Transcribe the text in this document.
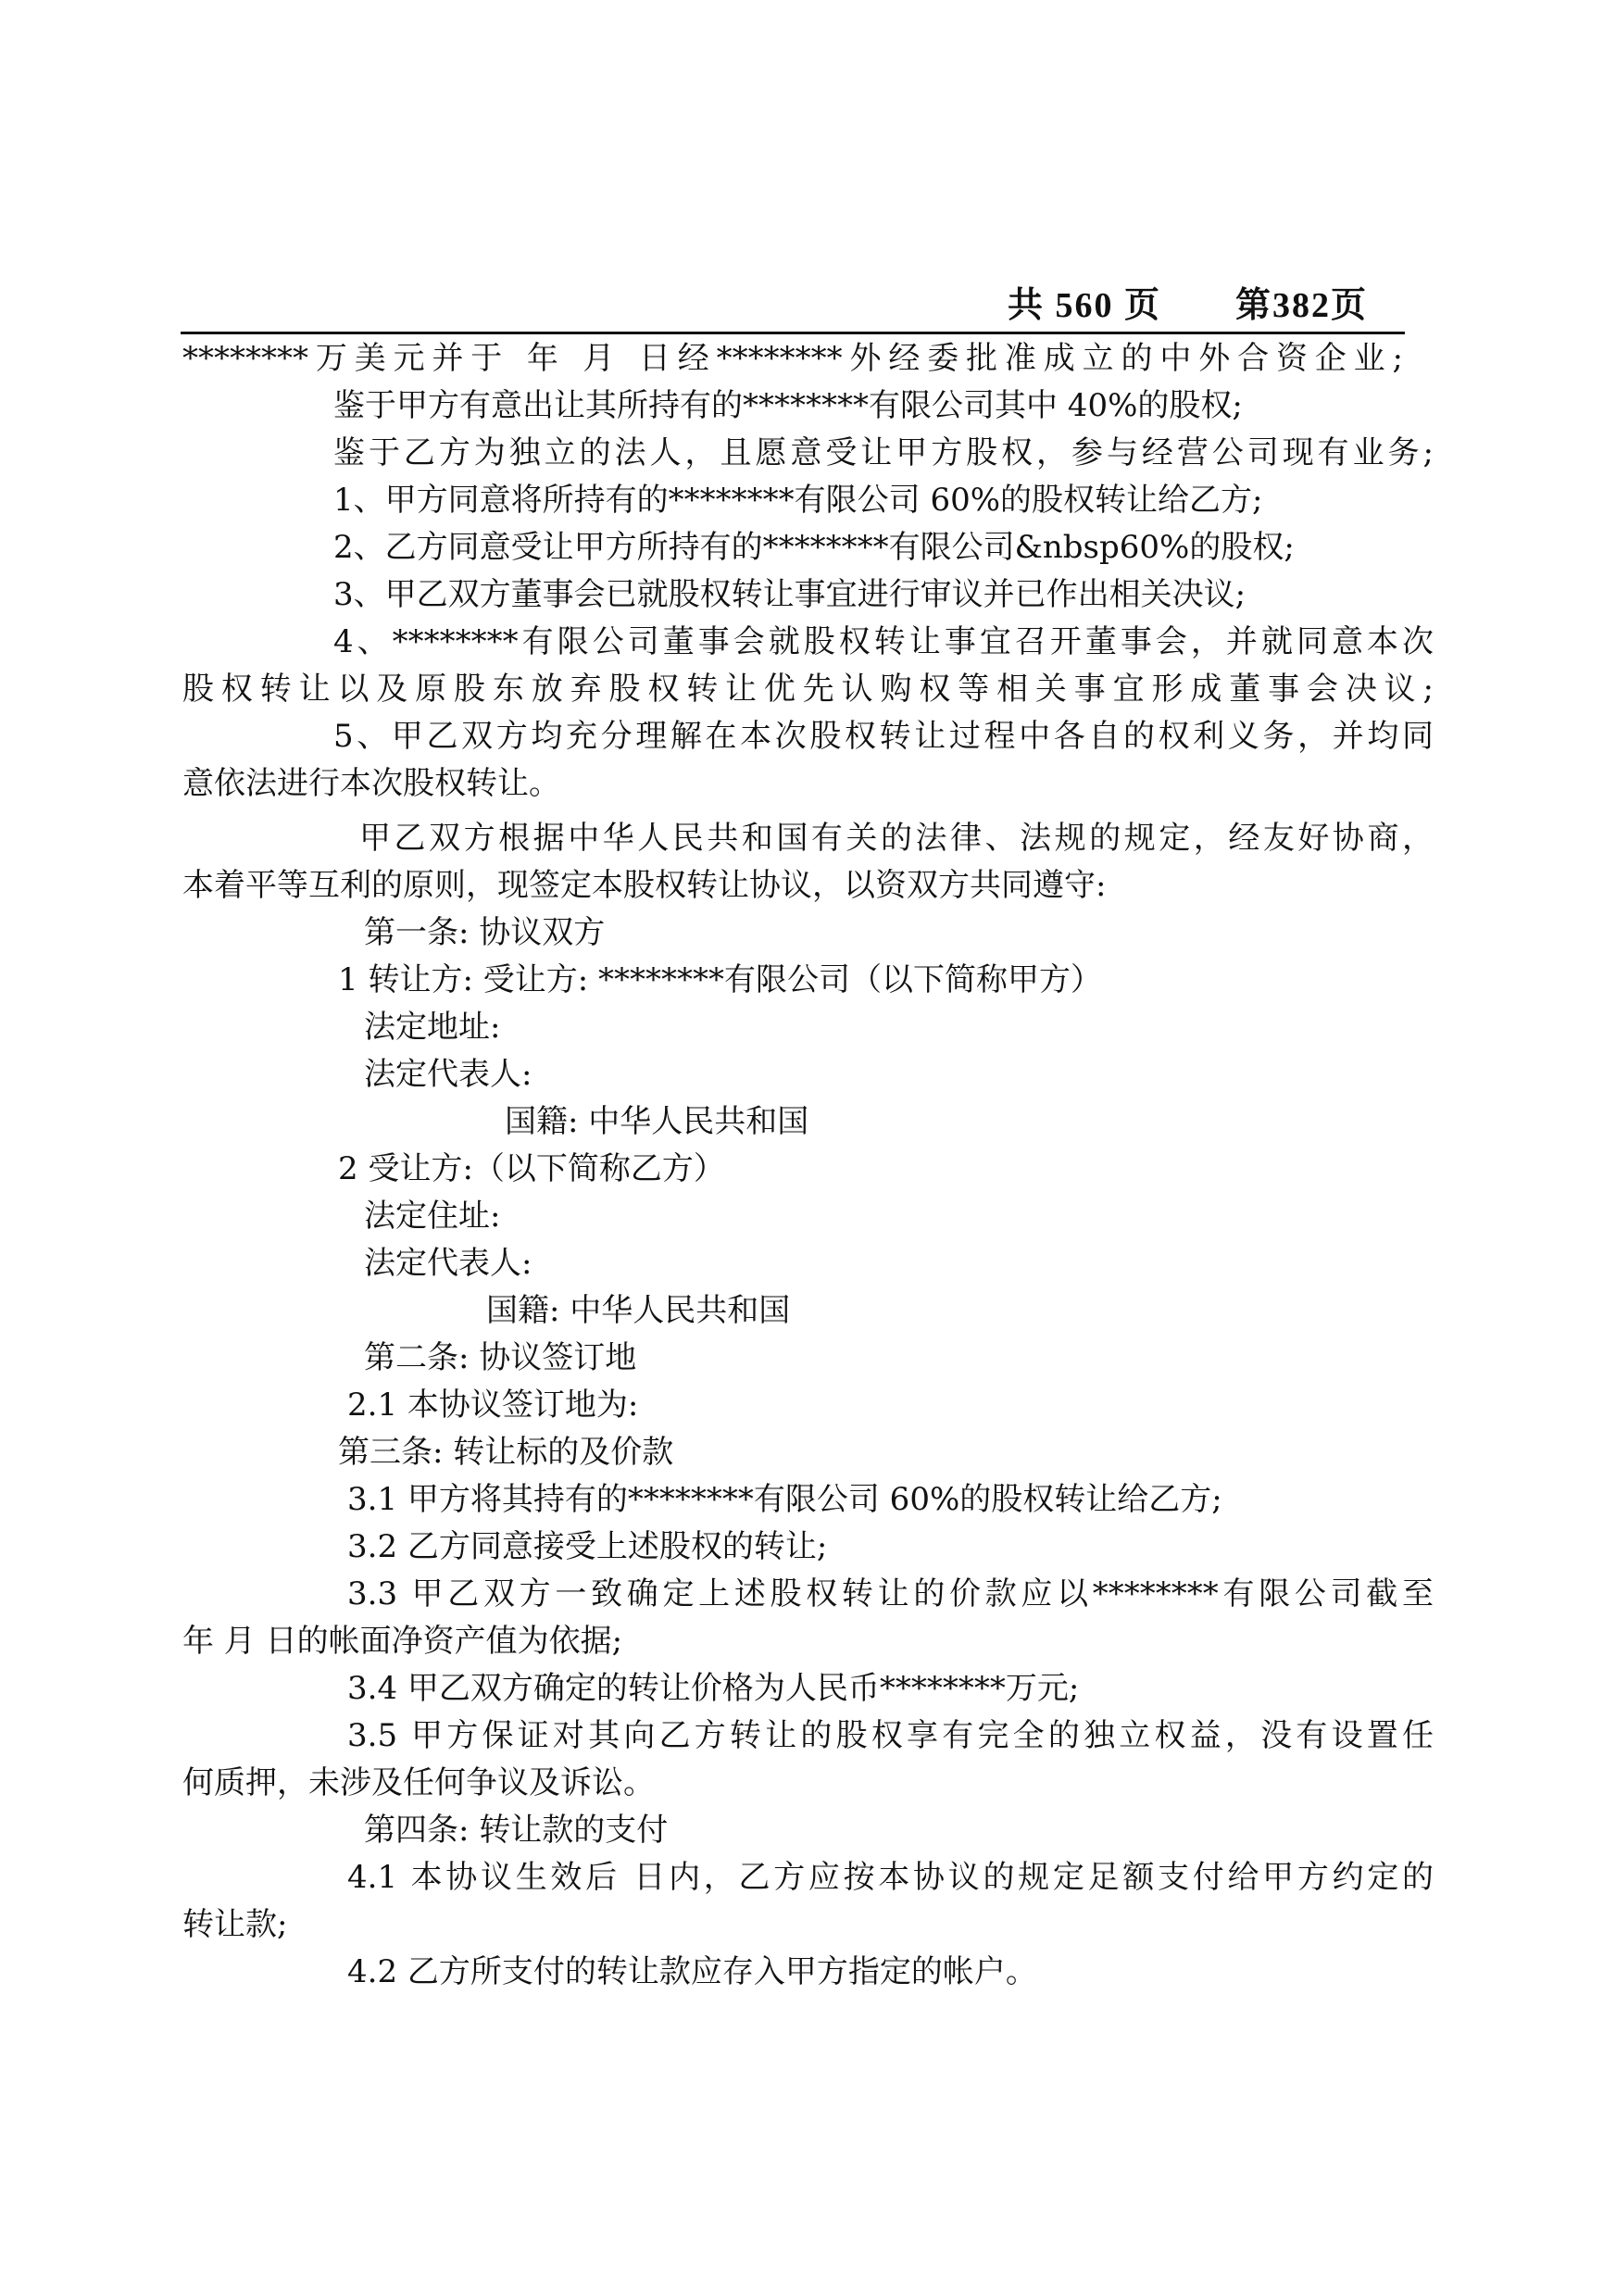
共 560 页　　第382页
********万美元并于 年 月 日经********外经委批准成立的中外合资企业;
鉴于甲方有意出让其所持有的********有限公司其中 40%的股权;
鉴于乙方为独立的法人，且愿意受让甲方股权，参与经营公司现有业务;
1、甲方同意将所持有的********有限公司 60%的股权转让给乙方;
2、乙方同意受让甲方所持有的********有限公司&nbsp60%的股权;
3、甲乙双方董事会已就股权转让事宜进行审议并已作出相关决议;
4、********有限公司董事会就股权转让事宜召开董事会，并就同意本次
股权转让以及原股东放弃股权转让优先认购权等相关事宜形成董事会决议;
5、甲乙双方均充分理解在本次股权转让过程中各自的权利义务，并均同
意依法进行本次股权转让。
甲乙双方根据中华人民共和国有关的法律、法规的规定，经友好协商，
本着平等互利的原则，现签定本股权转让协议，以资双方共同遵守:
第一条: 协议双方
1 转让方: 受让方: ********有限公司（以下简称甲方）
法定地址:
法定代表人:
国籍: 中华人民共和国
2 受让方:（以下简称乙方）
法定住址:
法定代表人:
国籍: 中华人民共和国
第二条: 协议签订地
2.1 本协议签订地为:
第三条: 转让标的及价款
3.1 甲方将其持有的********有限公司 60%的股权转让给乙方;
3.2 乙方同意接受上述股权的转让;
3.3 甲乙双方一致确定上述股权转让的价款应以********有限公司截至
年 月 日的帐面净资产值为依据;
3.4 甲乙双方确定的转让价格为人民币********万元;
3.5 甲方保证对其向乙方转让的股权享有完全的独立权益，没有设置任
何质押，未涉及任何争议及诉讼。
第四条: 转让款的支付
4.1 本协议生效后 日内，乙方应按本协议的规定足额支付给甲方约定的
转让款;
4.2 乙方所支付的转让款应存入甲方指定的帐户。
